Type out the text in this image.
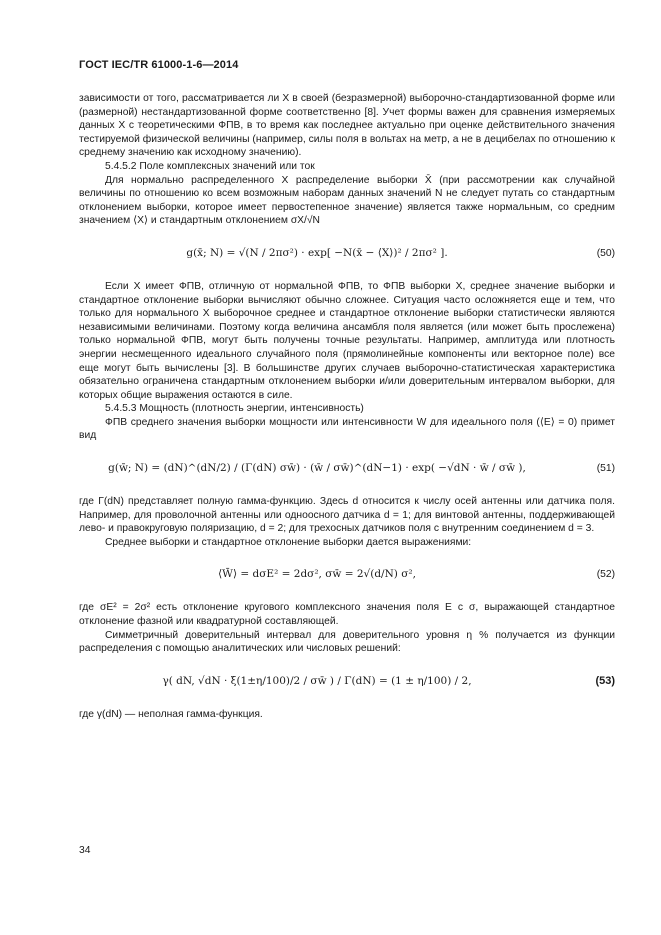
ГОСТ IEC/TR 61000-1-6—2014

зависимости от того, рассматривается ли X в своей (безразмерной) выборочно-стандартизованной форме или (размерной) нестандартизованной форме соответственно [8]. Учет формы важен для сравнения измеряемых данных X с теоретическими ФПВ, в то время как последнее актуально при оценке действительного значения тестируемой физической величины (например, силы поля в вольтах на метр, а не в децибелах по отношению к среднему значению как исходному значению).

5.4.5.2 Поле комплексных значений или ток

Для нормально распределенного X распределение выборки X̄ (при рассмотрении как случайной величины по отношению ко всем возможным наборам данных значений N не следует путать со стандартным отклонением выборки, которое имеет первостепенное значение) является также нормальным, со средним значением ⟨X⟩ и стандартным отклонением σX/√N

g(x̄; N) = √(N / 2πσ²) · exp[ −N(x̄ − ⟨X⟩)² / 2πσ² ].	(50)

Если X имеет ФПВ, отличную от нормальной ФПВ, то ФПВ выборки X, среднее значение выборки и стандартное отклонение выборки вычисляют обычно сложнее. Ситуация часто осложняется еще и тем, что только для нормального X выборочное среднее и стандартное отклонение выборки статистически являются независимыми величинами. Поэтому когда величина ансамбля поля является (или может быть прослежена) только нормальной ФПВ, могут быть получены точные результаты. Например, амплитуда или плотность энергии несмещенного идеального случайного поля (прямолинейные компоненты или векторное поле) все еще могут быть вычислены [3]. В большинстве других случаев выборочно-статистическая характеристика обязательно ограничена стандартным отклонением выборки и/или доверительным интервалом выборки, для которых общие выражения остаются в силе.

5.4.5.3 Мощность (плотность энергии, интенсивность)

ФПВ среднего значения выборки мощности или интенсивности W для идеального поля (⟨E⟩ = 0) примет вид

g(w̄; N) = (dN)^(dN/2) / (Γ(dN) σw̄) · (w̄ / σw̄)^(dN−1) · exp( −√dN · w̄ / σw̄ ),	(51)

где Γ(dN) представляет полную гамма-функцию. Здесь d относится к числу осей антенны или датчика поля. Например, для проволочной антенны или одноосного датчика d = 1; для винтовой антенны, поддерживающей лево- и правокруговую поляризацию, d = 2; для трехосных датчиков поля с внутренним соединением d = 3.

Среднее выборки и стандартное отклонение выборки дается выражениями:

⟨W̄⟩ = dσE² = 2dσ², σw̄ = 2√(d/N) σ²,	(52)

где σE² = 2σ² есть отклонение кругового комплексного значения поля E с σ, выражающей стандартное отклонение фазной или квадратурной составляющей.

Симметричный доверительный интервал для доверительного уровня η % получается из функции распределения с помощью аналитических или числовых решений:

γ( dN, √dN · ξ(1±η/100)/2 / σw̄ ) / Γ(dN) = (1 ± η/100) / 2,	(53)

где γ(dN) — неполная гамма-функция.

34
